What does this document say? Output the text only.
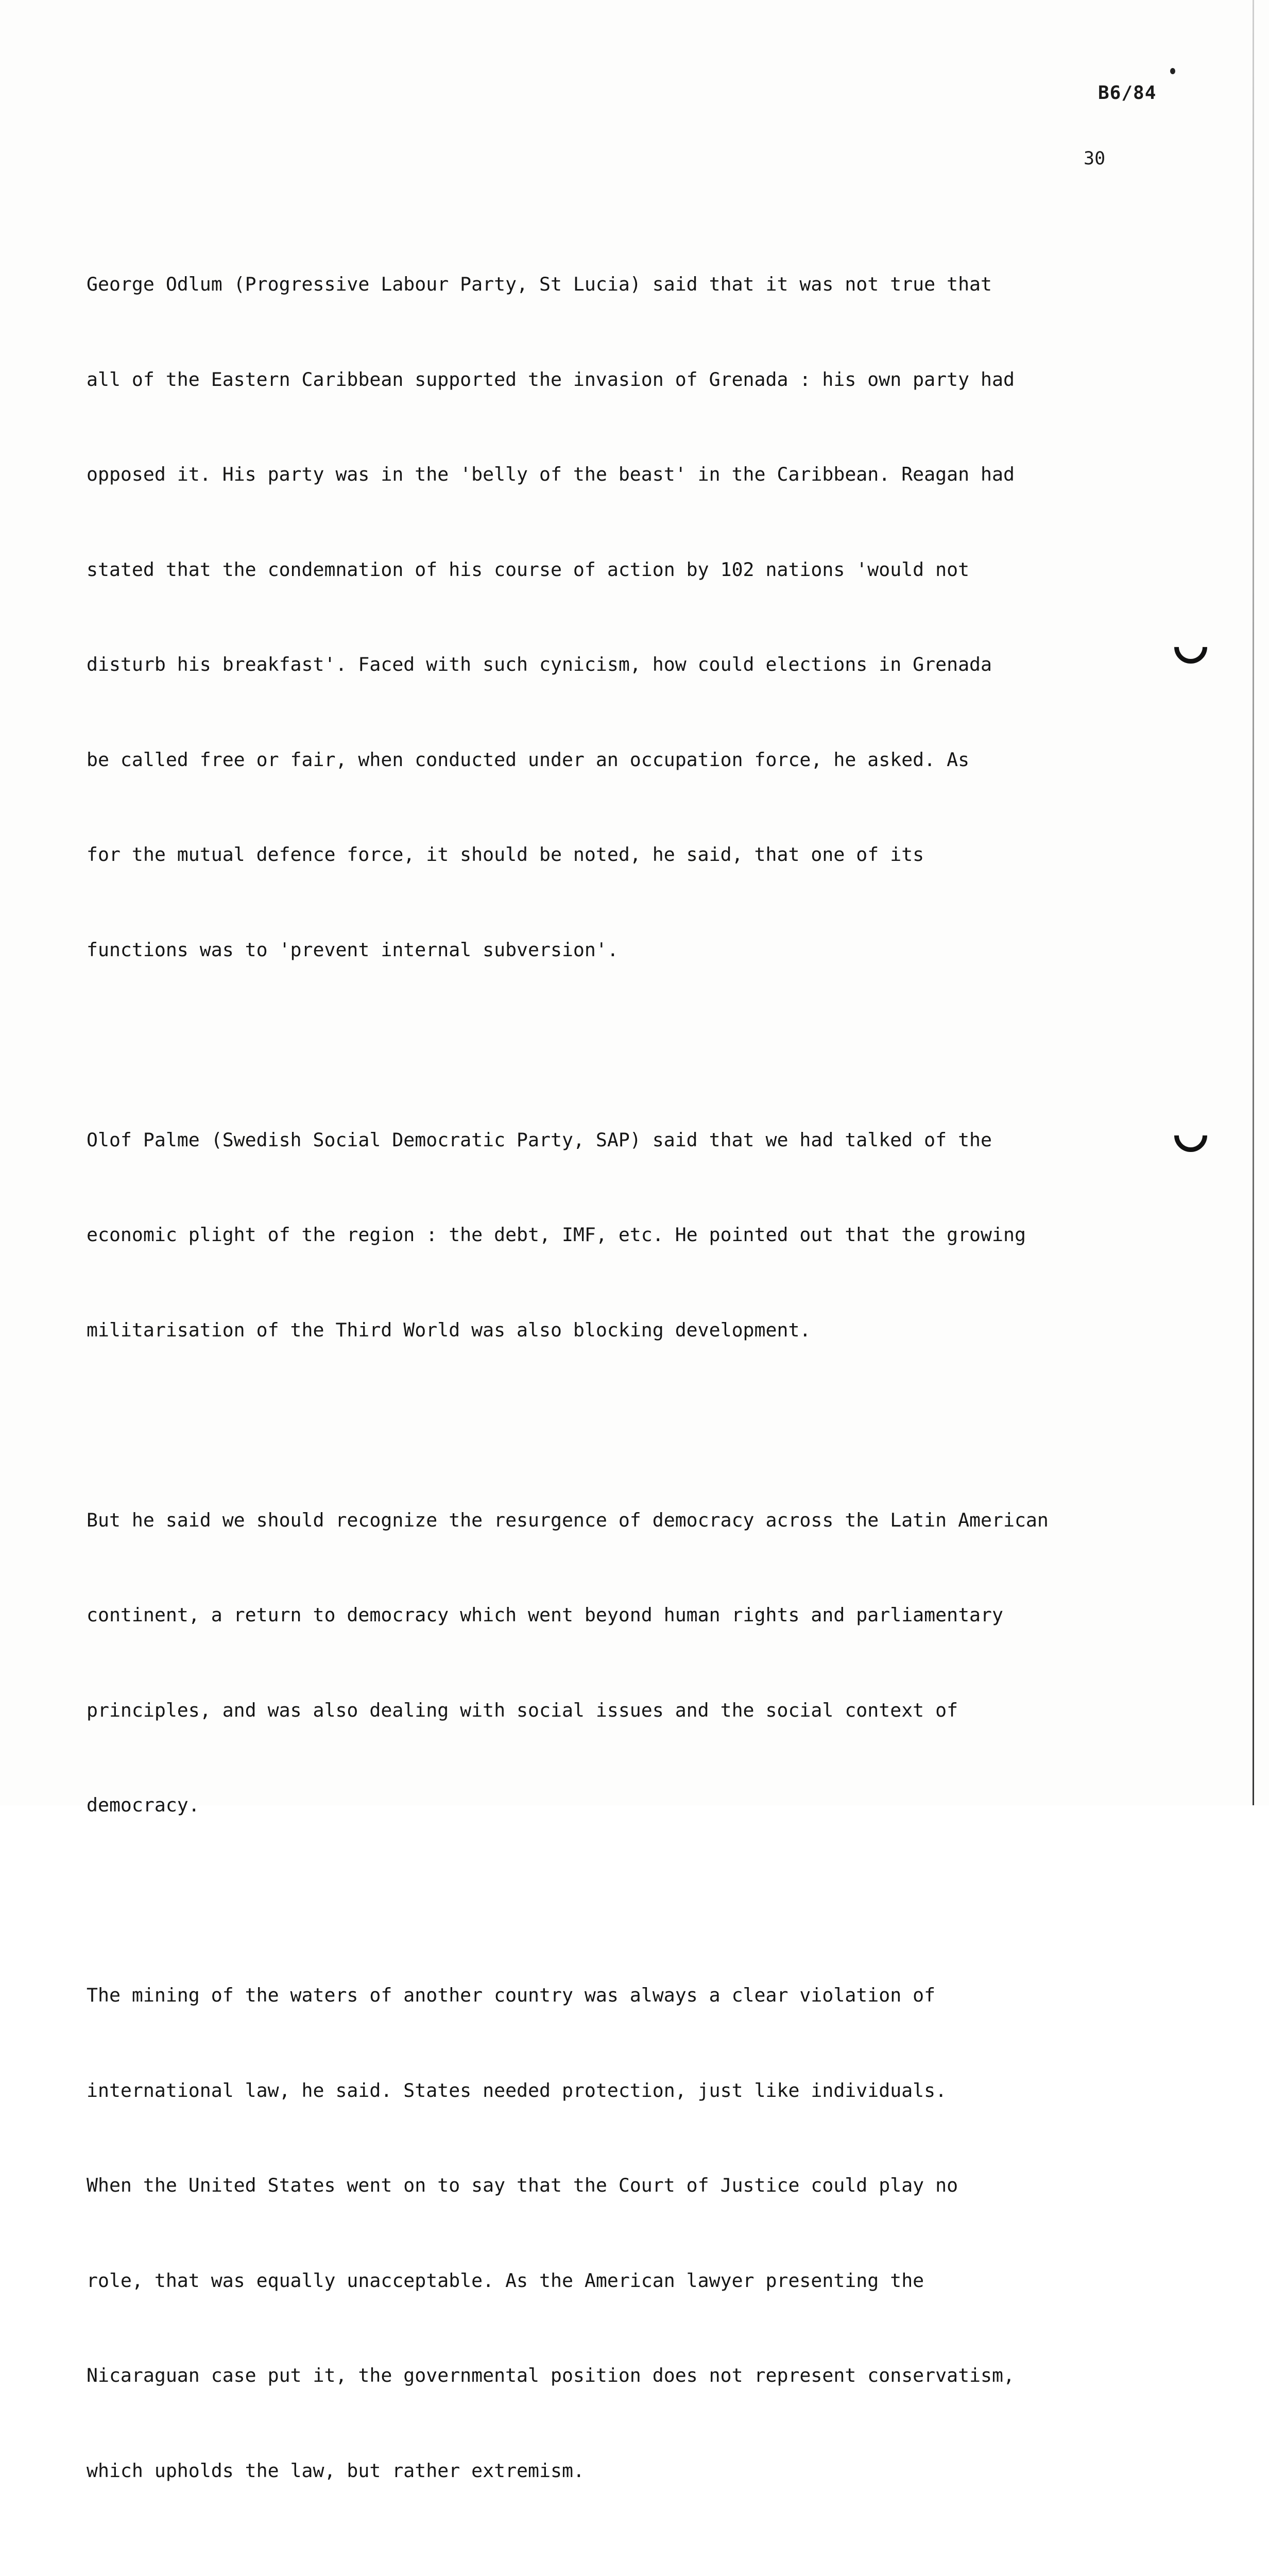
B6/84
30

George Odlum (Progressive Labour Party, St Lucia) said that it was not true that

all of the Eastern Caribbean supported the invasion of Grenada : his own party had

opposed it. His party was in the 'belly of the beast' in the Caribbean. Reagan had

stated that the condemnation of his course of action by 102 nations 'would not

disturb his breakfast'. Faced with such cynicism, how could elections in Grenada

be called free or fair, when conducted under an occupation force, he asked. As

for the mutual defence force, it should be noted, he said, that one of its

functions was to 'prevent internal subversion'.

Olof Palme (Swedish Social Democratic Party, SAP) said that we had talked of the

economic plight of the region : the debt, IMF, etc. He pointed out that the growing

militarisation of the Third World was also blocking development.

But he said we should recognize the resurgence of democracy across the Latin American

continent, a return to democracy which went beyond human rights and parliamentary

principles, and was also dealing with social issues and the social context of

democracy.

The mining of the waters of another country was always a clear violation of

international law, he said. States needed protection, just like individuals.

When the United States went on to say that the Court of Justice could play no

role, that was equally unacceptable. As the American lawyer presenting the

Nicaraguan case put it, the governmental position does not represent conservatism,

which upholds the law, but rather extremism.
